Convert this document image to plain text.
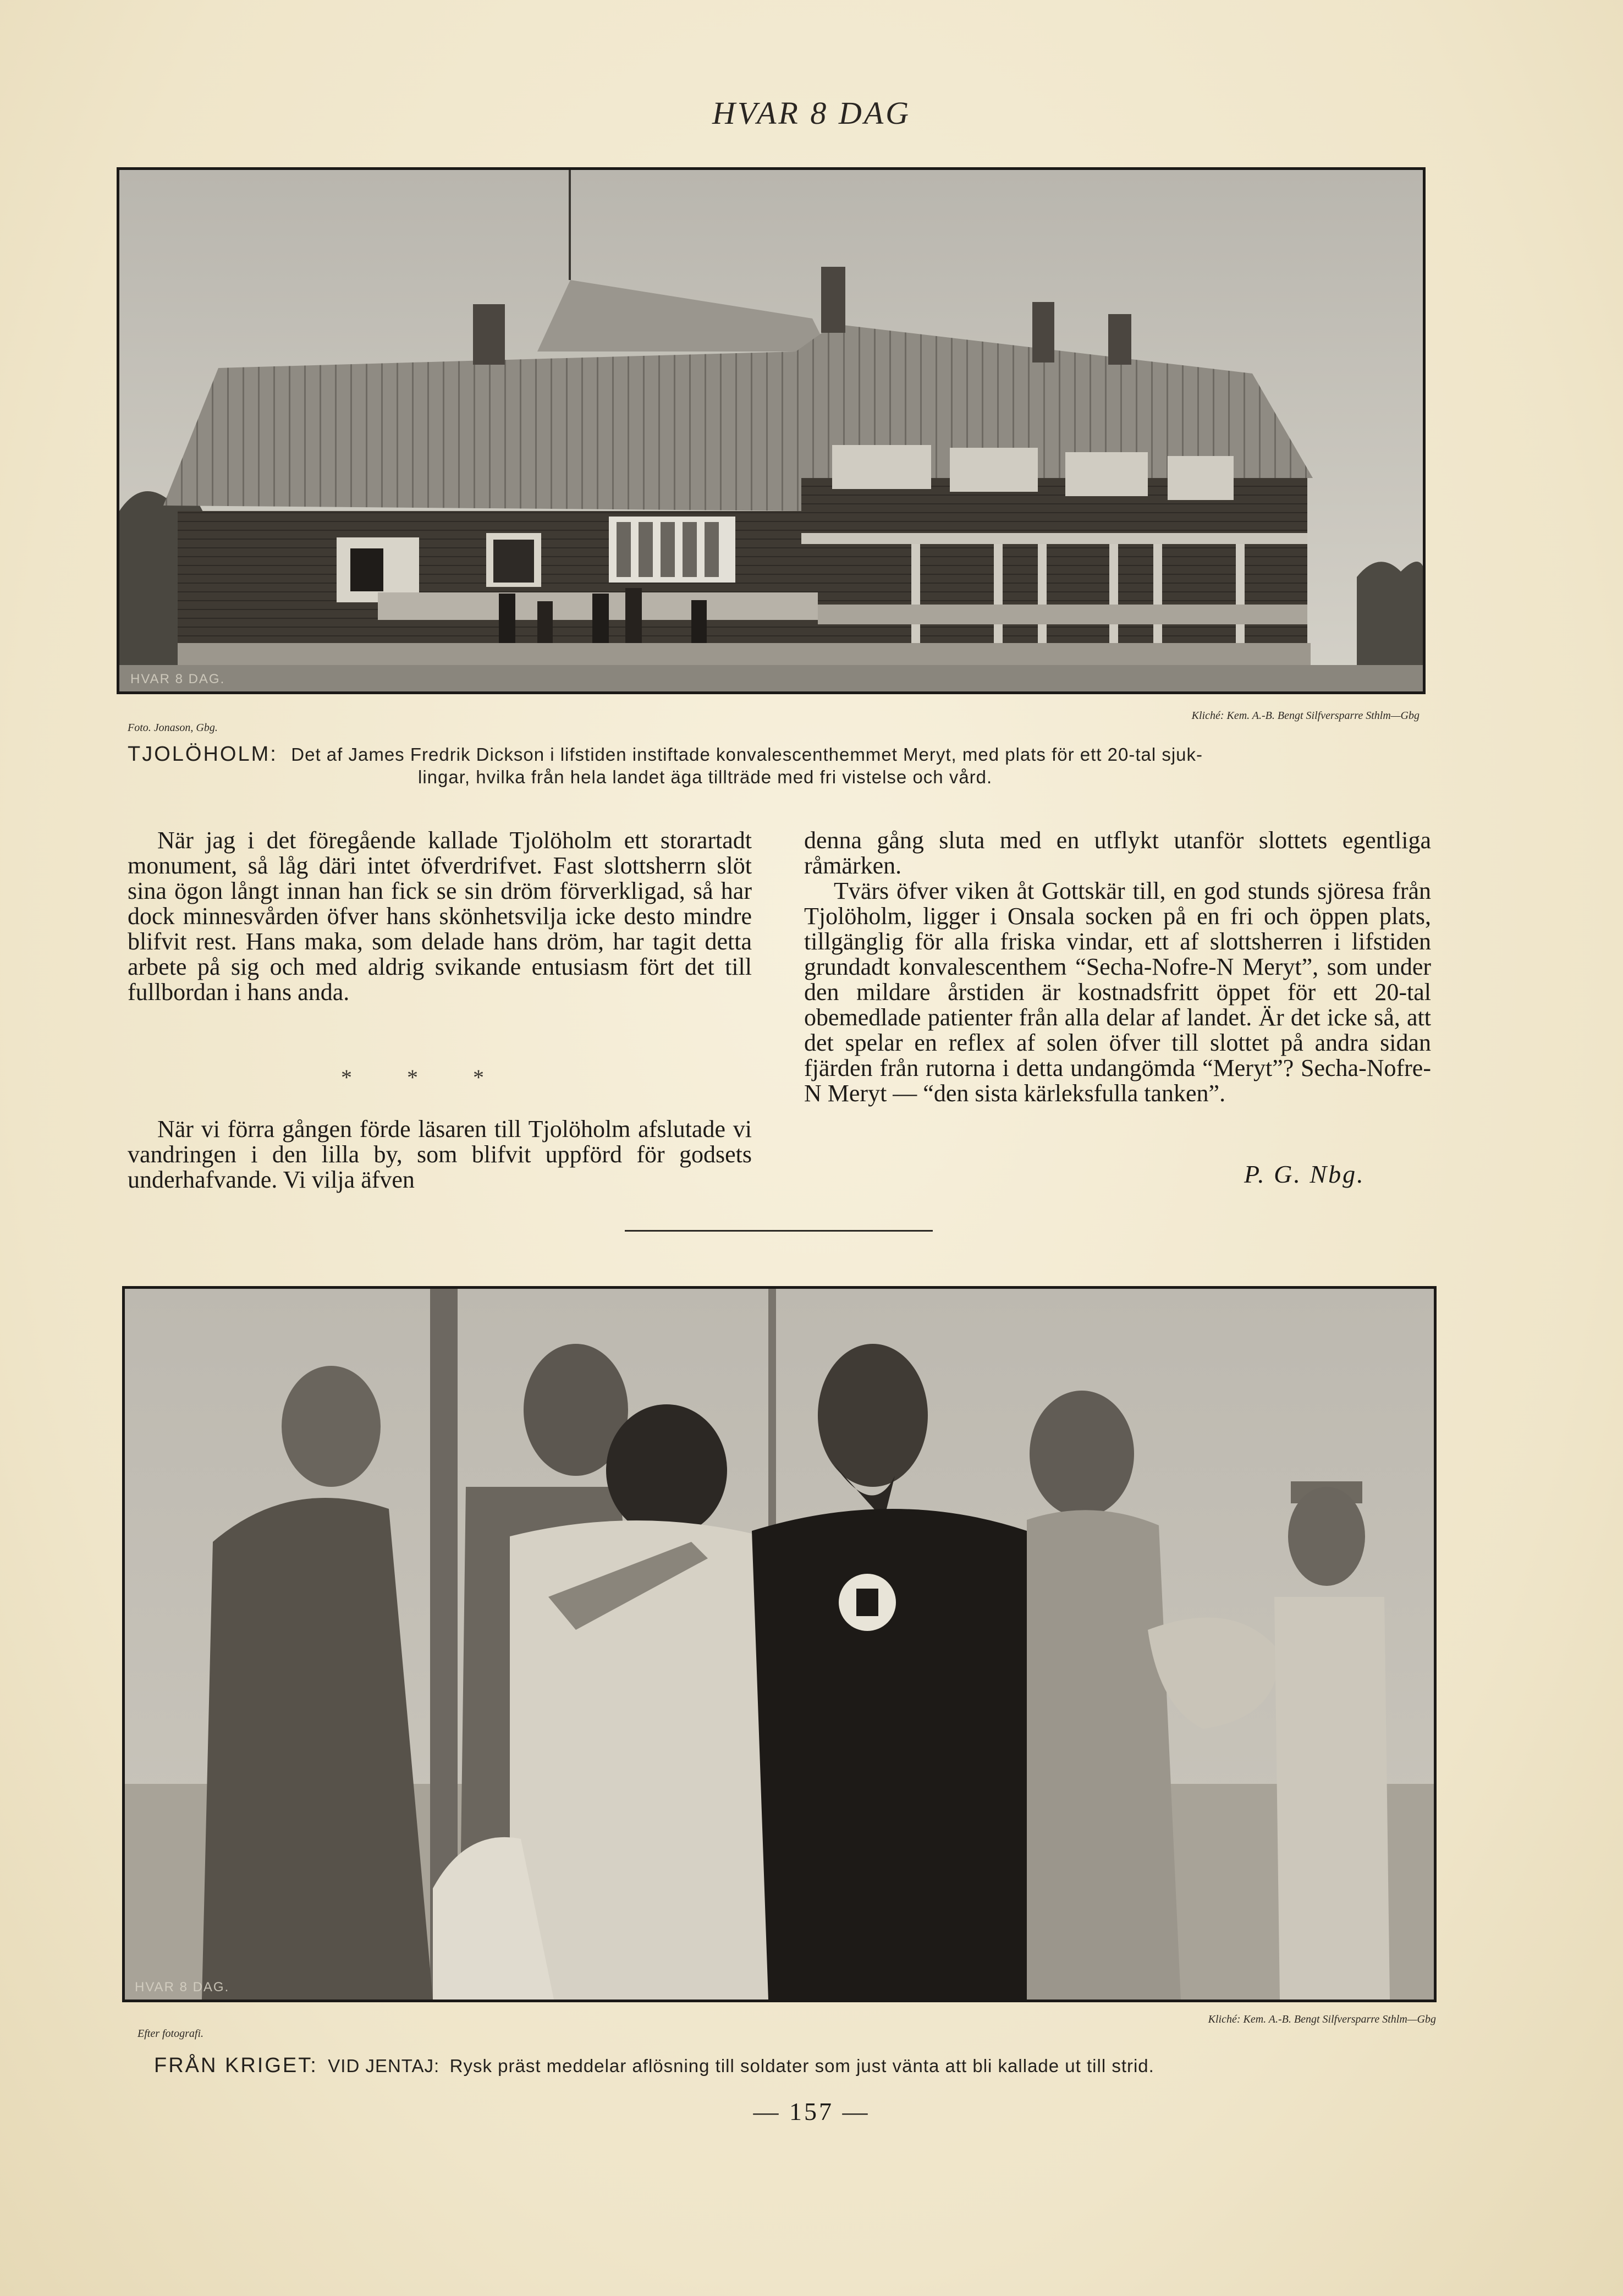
HVAR 8 DAG
HVAR 8 DAG.
Foto. Jonason, Gbg.
Kliché: Kem. A.-B. Bengt Silfversparre Sthlm—Gbg
TJOLÖHOLM: Det af James Fredrik Dickson i lifstiden instiftade konvalescenthemmet Meryt, med plats för ett 20-tal sjuk-
lingar, hvilka från hela landet äga tillträde med fri vistelse och vård.

När jag i det föregående kallade Tjolöholm ett storartadt monument, så låg däri intet öfverdrifvet. Fast slottsherrn slöt sina ögon långt innan han fick se sin dröm förverkligad, så har dock minnesvården öfver hans skönhetsvilja icke desto mindre blifvit rest. Hans maka, som delade hans dröm, har tagit detta arbete på sig och med aldrig svikande entusiasm fört det till fullbordan i hans anda.

*          *          *

När vi förra gången förde läsaren till Tjolöholm afslutade vi vandringen i den lilla by, som blifvit uppförd för godsets underhafvande. Vi vilja äfven

denna gång sluta med en utflykt utanför slottets egentliga råmärken.

Tvärs öfver viken åt Gottskär till, en god stunds sjöresa från Tjolöholm, ligger i Onsala socken på en fri och öppen plats, tillgänglig för alla friska vindar, ett af slottsherren i lifstiden grundadt konvalescenthem “Secha-Nofre-N Meryt”, som under den mildare årstiden är kostnadsfritt öppet för ett 20-tal obemedlade patienter från alla delar af landet. Är det icke så, att det spelar en reflex af solen öfver till slottet på andra sidan fjärden från rutorna i detta undangömda “Meryt”? Secha-Nofre-N Meryt — “den sista kärleksfulla tanken”.

P. G. Nbg.
HVAR 8 DAG.
Efter fotografi.
Kliché: Kem. A.-B. Bengt Silfversparre Sthlm—Gbg
FRÅN KRIGET: VID JENTAJ: Rysk präst meddelar aflösning till soldater som just vänta att bli kallade ut till strid.
— 157 —
